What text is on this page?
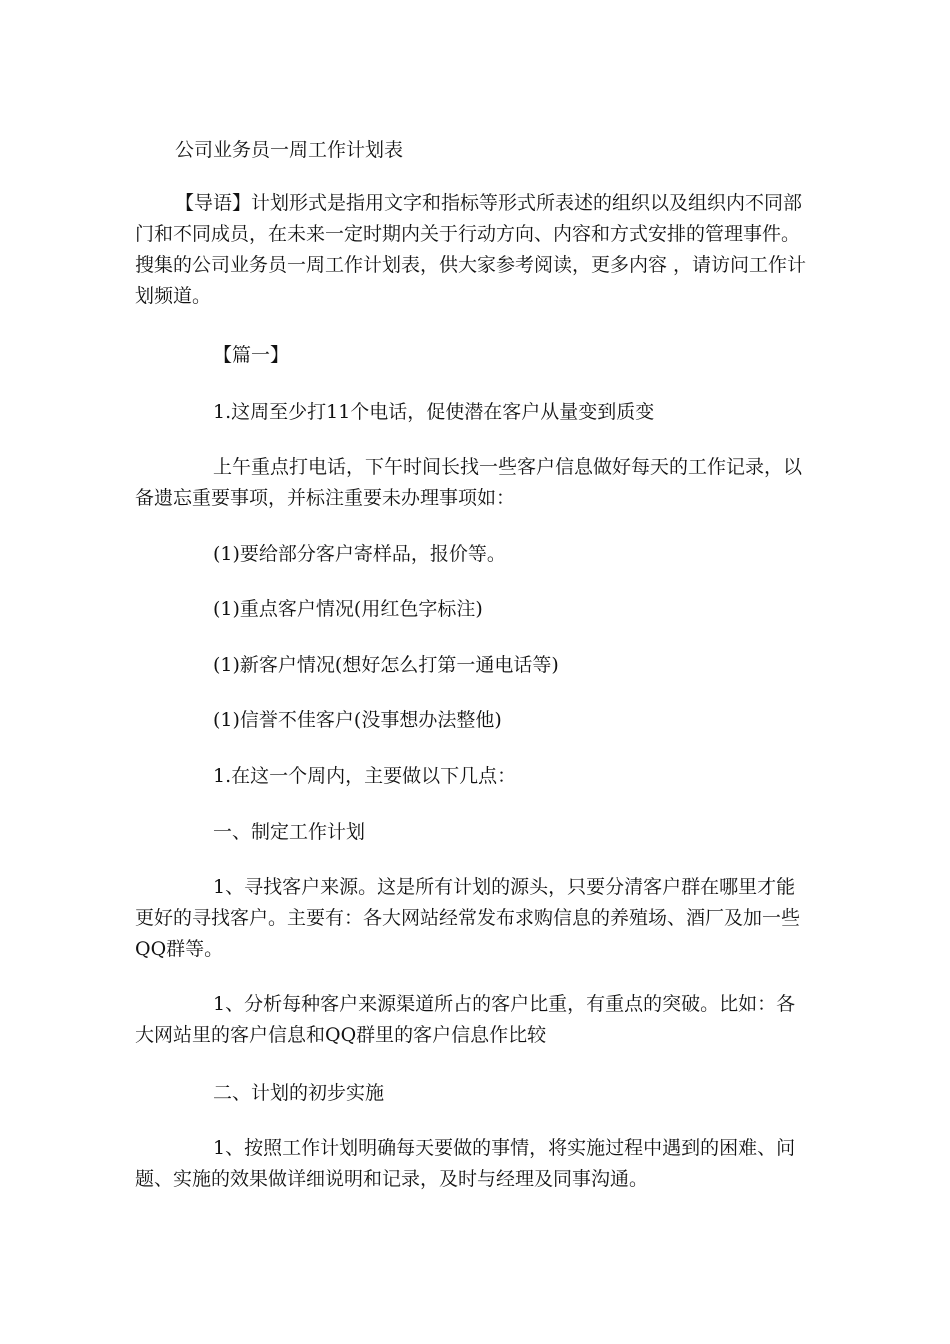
公司业务员一周工作计划表

【导语】计划形式是指用文字和指标等形式所表述的组织以及组织内不同部门和不同成员，在未来一定时期内关于行动方向、内容和方式安排的管理事件。搜集的公司业务员一周工作计划表，供大家参考阅读，更多内容 ，请访问工作计划频道。

【篇一】

1.这周至少打11个电话，促使潜在客户从量变到质变

上午重点打电话，下午时间长找一些客户信息做好每天的工作记录，以备遗忘重要事项，并标注重要未办理事项如：

(1)要给部分客户寄样品，报价等。

(1)重点客户情况(用红色字标注)

(1)新客户情况(想好怎么打第一通电话等)

(1)信誉不佳客户(没事想办法整他)

1.在这一个周内，主要做以下几点：

一、制定工作计划

1、寻找客户来源。这是所有计划的源头，只要分清客户群在哪里才能更好的寻找客户。主要有：各大网站经常发布求购信息的养殖场、酒厂及加一些QQ群等。

1、分析每种客户来源渠道所占的客户比重，有重点的突破。比如：各大网站里的客户信息和QQ群里的客户信息作比较

二、计划的初步实施

1、按照工作计划明确每天要做的事情，将实施过程中遇到的困难、问题、实施的效果做详细说明和记录，及时与经理及同事沟通。
